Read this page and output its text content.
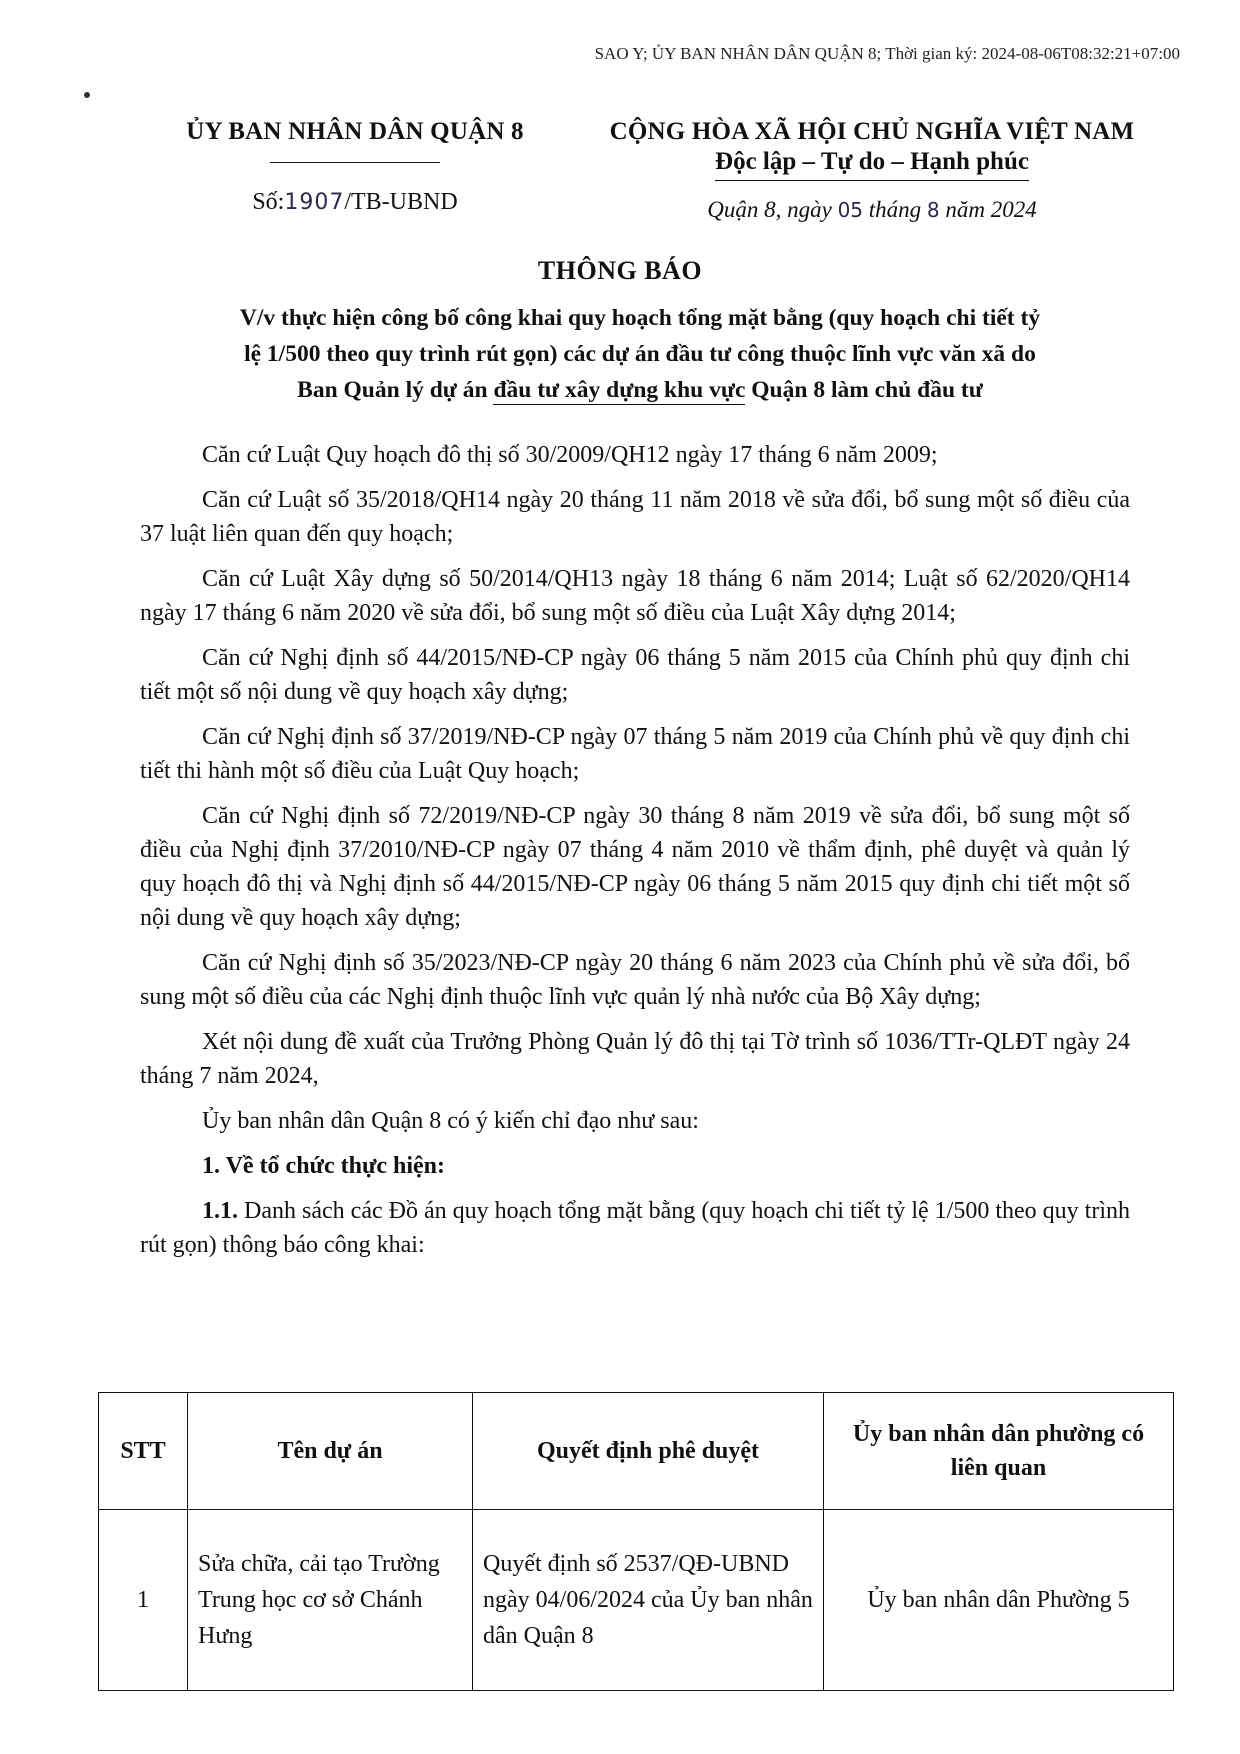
SAO Y; ỦY BAN NHÂN DÂN QUẬN 8; Thời gian ký: 2024-08-06T08:32:21+07:00
ỦY BAN NHÂN DÂN QUẬN 8
Số:1907/TB-UBND
CỘNG HÒA XÃ HỘI CHỦ NGHĨA VIỆT NAM
Độc lập – Tự do – Hạnh phúc
Quận 8, ngày 05 tháng 8 năm 2024
THÔNG BÁO
V/v thực hiện công bố công khai quy hoạch tổng mặt bằng (quy hoạch chi tiết tỷ
lệ 1/500 theo quy trình rút gọn) các dự án đầu tư công thuộc lĩnh vực văn xã do
Ban Quản lý dự án đầu tư xây dựng khu vực Quận 8 làm chủ đầu tư

Căn cứ Luật Quy hoạch đô thị số 30/2009/QH12 ngày 17 tháng 6 năm 2009;

Căn cứ Luật số 35/2018/QH14 ngày 20 tháng 11 năm 2018 về sửa đổi, bổ sung một số điều của 37 luật liên quan đến quy hoạch;

Căn cứ Luật Xây dựng số 50/2014/QH13 ngày 18 tháng 6 năm 2014; Luật số 62/2020/QH14 ngày 17 tháng 6 năm 2020 về sửa đổi, bổ sung một số điều của Luật Xây dựng 2014;

Căn cứ Nghị định số 44/2015/NĐ-CP ngày 06 tháng 5 năm 2015 của Chính phủ quy định chi tiết một số nội dung về quy hoạch xây dựng;

Căn cứ Nghị định số 37/2019/NĐ-CP ngày 07 tháng 5 năm 2019 của Chính phủ về quy định chi tiết thi hành một số điều của Luật Quy hoạch;

Căn cứ Nghị định số 72/2019/NĐ-CP ngày 30 tháng 8 năm 2019 về sửa đổi, bổ sung một số điều của Nghị định 37/2010/NĐ-CP ngày 07 tháng 4 năm 2010 về thẩm định, phê duyệt và quản lý quy hoạch đô thị và Nghị định số 44/2015/NĐ-CP ngày 06 tháng 5 năm 2015 quy định chi tiết một số nội dung về quy hoạch xây dựng;

Căn cứ Nghị định số 35/2023/NĐ-CP ngày 20 tháng 6 năm 2023 của Chính phủ về sửa đổi, bổ sung một số điều của các Nghị định thuộc lĩnh vực quản lý nhà nước của Bộ Xây dựng;

Xét nội dung đề xuất của Trưởng Phòng Quản lý đô thị tại Tờ trình số 1036/TTr-QLĐT ngày 24 tháng 7 năm 2024,

Ủy ban nhân dân Quận 8 có ý kiến chỉ đạo như sau:

1. Về tổ chức thực hiện:

1.1. Danh sách các Đồ án quy hoạch tổng mặt bằng (quy hoạch chi tiết tỷ lệ 1/500 theo quy trình rút gọn) thông báo công khai:

STT	Tên dự án	Quyết định phê duyệt	Ủy ban nhân dân phường có liên quan
1	Sửa chữa, cải tạo Trường Trung học cơ sở Chánh Hưng	Quyết định số 2537/QĐ-UBND ngày 04/06/2024 của Ủy ban nhân dân Quận 8	Ủy ban nhân dân Phường 5
